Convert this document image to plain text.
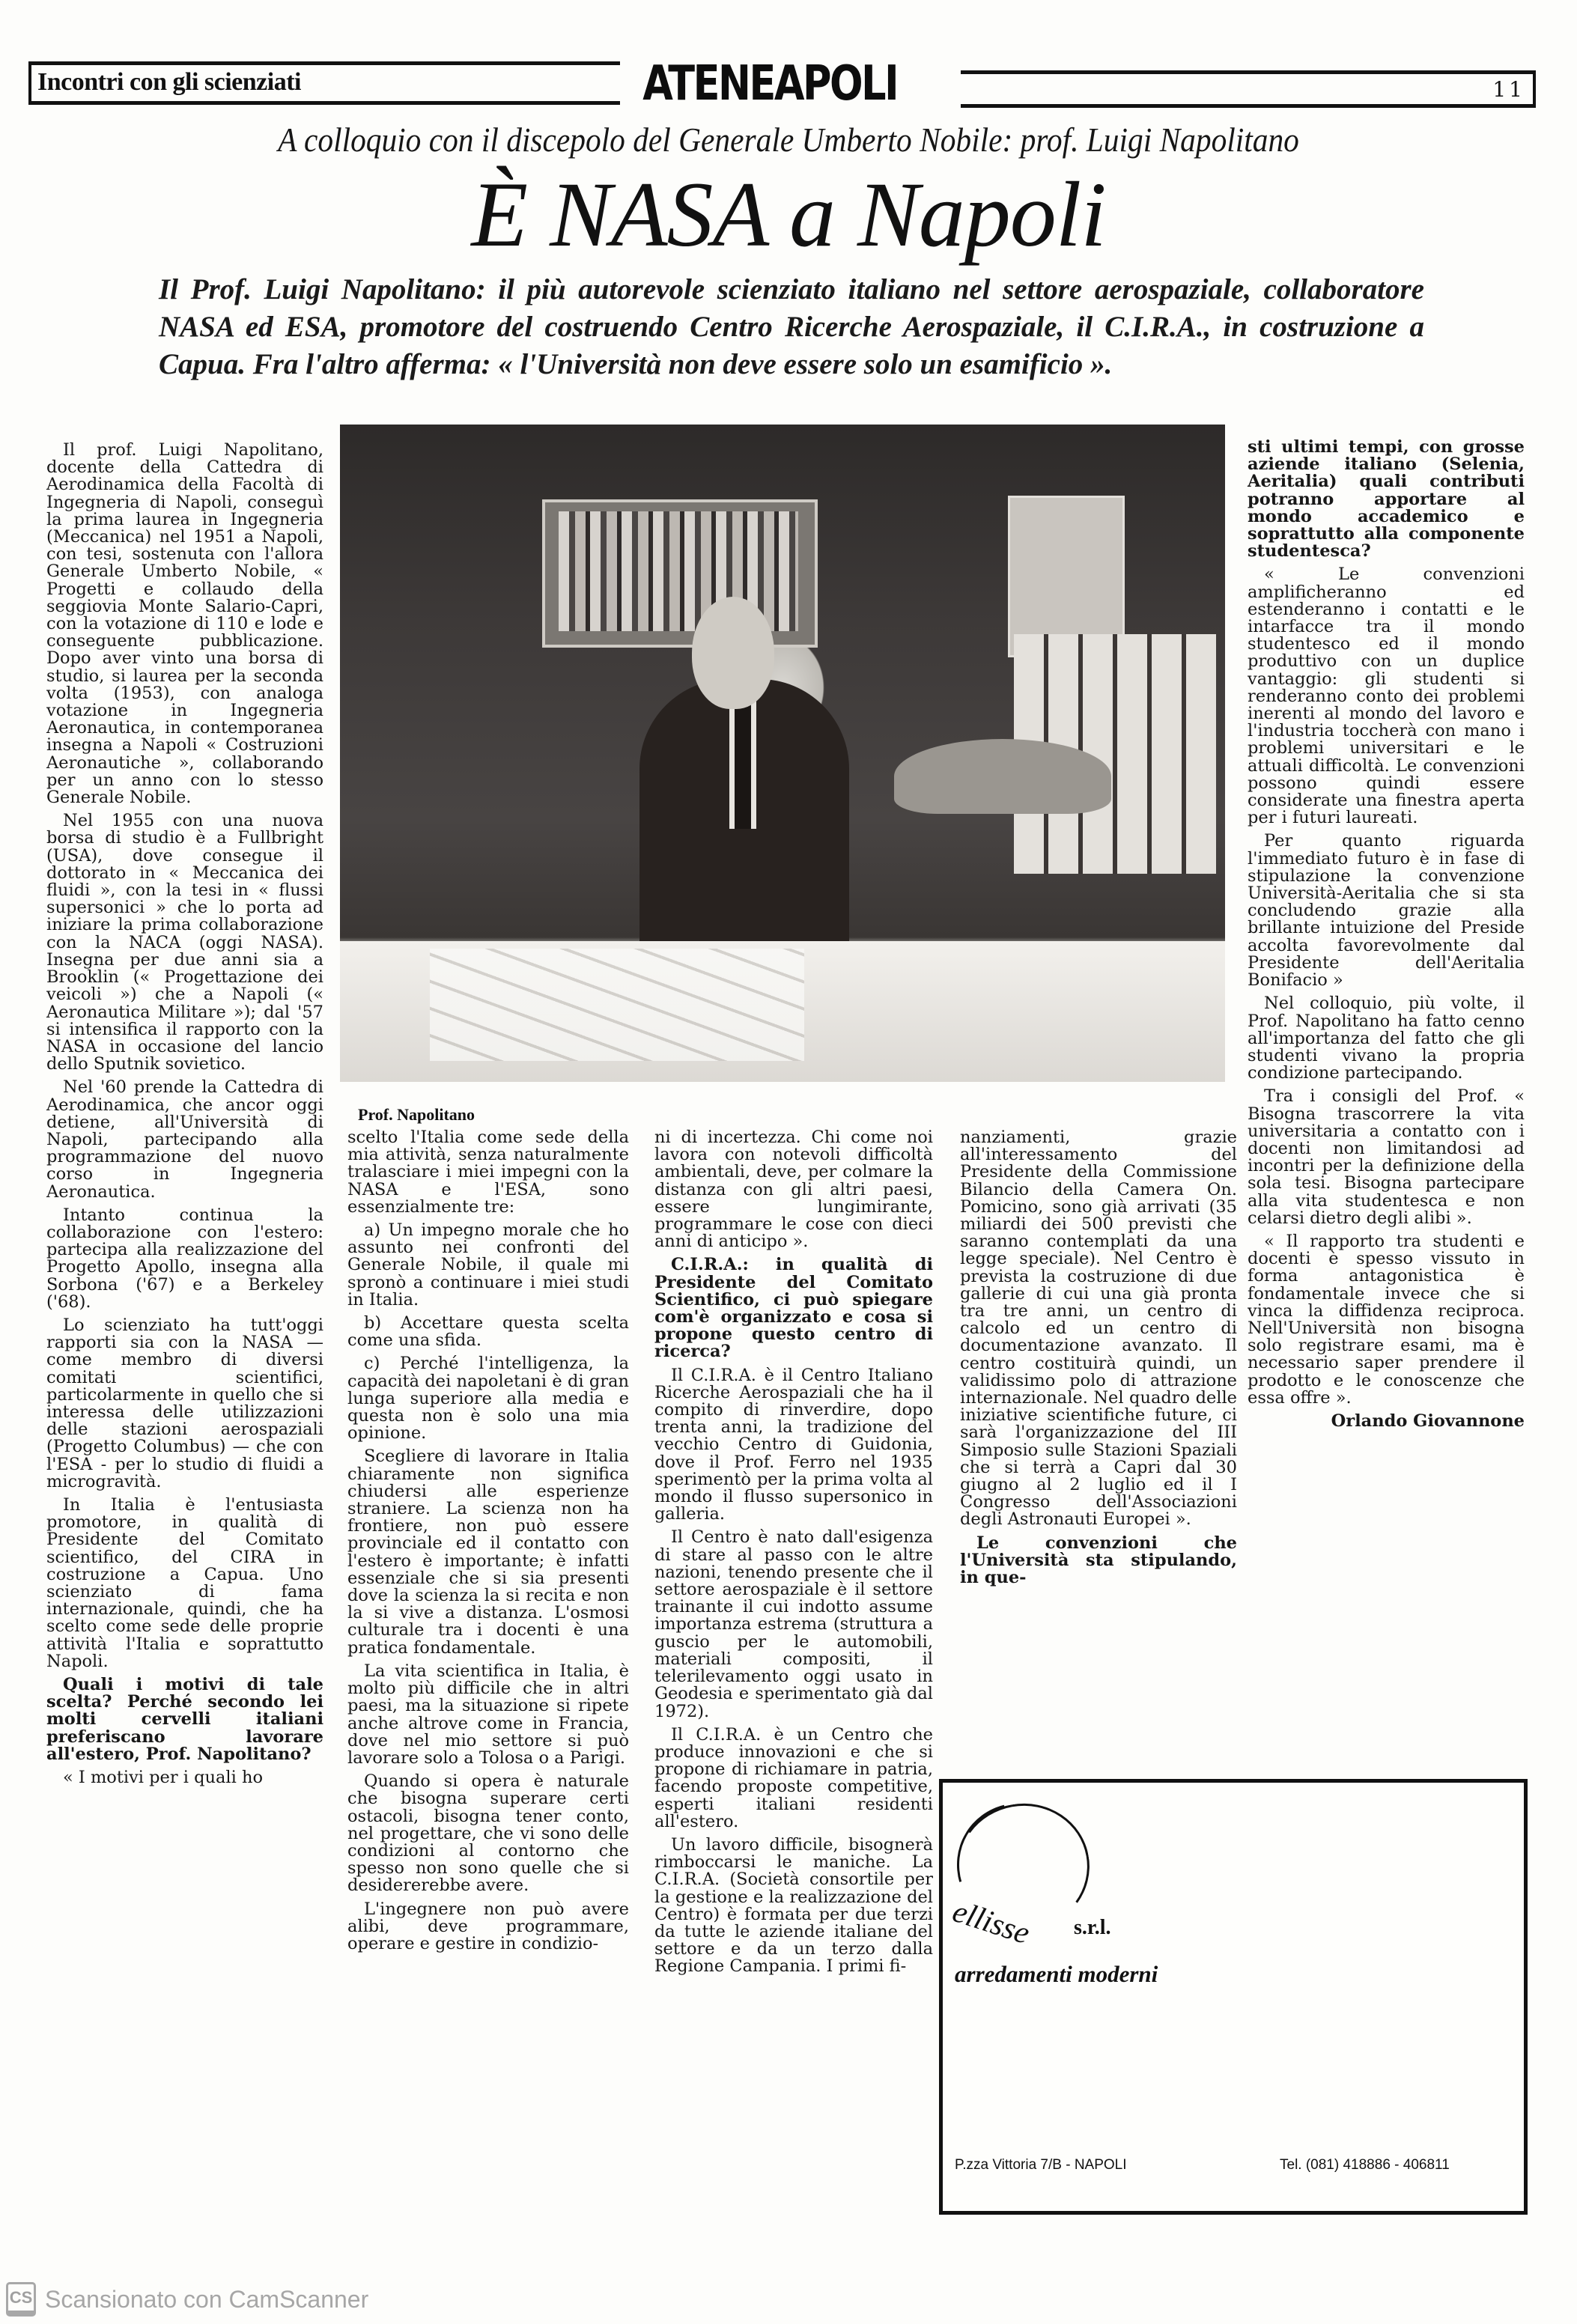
Incontri con gli scienziati	ATENEAPOLI	11
A colloquio con il discepolo del Generale Umberto Nobile: prof. Luigi Napolitano
È NASA a Napoli
Il Prof. Luigi Napolitano: il più autorevole scienziato italiano nel settore aerospaziale, collaboratore NASA ed ESA, promotore del costruendo Centro Ricerche Aerospaziale, il C.I.R.A., in costruzione a Capua. Fra l'altro afferma: « l'Università non deve essere solo un esamificio ».
Prof. Napolitano

Il prof. Luigi Napolitano, docente della Cattedra di Aerodinamica della Facoltà di Ingegneria di Napoli, conseguì la prima laurea in Ingegneria (Meccanica) nel 1951 a Napoli, con tesi, sostenuta con l'allora Generale Umberto Nobile, « Progetti e collaudo della seggiovia Monte Salario-Capri, con la votazione di 110 e lode e conseguente pubblicazione. Dopo aver vinto una borsa di studio, si laurea per la seconda volta (1953), con analoga votazione in Ingegneria Aeronautica, in contemporanea insegna a Napoli « Costruzioni Aeronautiche », collaborando per un anno con lo stesso Generale Nobile.

Nel 1955 con una nuova borsa di studio è a Fullbright (USA), dove consegue il dottorato in « Meccanica dei fluidi », con la tesi in « flussi supersonici » che lo porta ad iniziare la prima collaborazione con la NACA (oggi NASA). Insegna per due anni sia a Brooklin (« Progettazione dei veicoli ») che a Napoli (« Aeronautica Militare »); dal '57 si intensifica il rapporto con la NASA in occasione del lancio dello Sputnik sovietico.

Nel '60 prende la Cattedra di Aerodinamica, che ancor oggi detiene, all'Università di Napoli, partecipando alla programmazione del nuovo corso in Ingegneria Aeronautica.

Intanto continua la collaborazione con l'estero: partecipa alla realizzazione del Progetto Apollo, insegna alla Sorbona ('67) e a Berkeley ('68).

Lo scienziato ha tutt'oggi rapporti sia con la NASA — come membro di diversi comitati scientifici, particolarmente in quello che si interessa delle utilizzazioni delle stazioni aerospaziali (Progetto Columbus) — che con l'ESA - per lo studio di fluidi a microgravità.

In Italia è l'entusiasta promotore, in qualità di Presidente del Comitato scientifico, del CIRA in costruzione a Capua. Uno scienziato di fama internazionale, quindi, che ha scelto come sede delle proprie attività l'Italia e soprattutto Napoli.

Quali i motivi di tale scelta? Perché secondo lei molti cervelli italiani preferiscano lavorare all'estero, Prof. Napolitano?

« I motivi per i quali ho

scelto l'Italia come sede della mia attività, senza naturalmente tralasciare i miei impegni con la NASA e l'ESA, sono essenzialmente tre:

a) Un impegno morale che ho assunto nei confronti del Generale Nobile, il quale mi spronò a continuare i miei studi in Italia.

b) Accettare questa scelta come una sfida.

c) Perché l'intelligenza, la capacità dei napoletani è di gran lunga superiore alla media e questa non è solo una mia opinione.

Scegliere di lavorare in Italia chiaramente non significa chiudersi alle esperienze straniere. La scienza non ha frontiere, non può essere provinciale ed il contatto con l'estero è importante; è infatti essenziale che si sia presenti dove la scienza la si recita e non la si vive a distanza. L'osmosi culturale tra i docenti è una pratica fondamentale.

La vita scientifica in Italia, è molto più difficile che in altri paesi, ma la situazione si ripete anche altrove come in Francia, dove nel mio settore si può lavorare solo a Tolosa o a Parigi.

Quando si opera è naturale che bisogna superare certi ostacoli, bisogna tener conto, nel progettare, che vi sono delle condizioni al contorno che spesso non sono quelle che si desidererebbe avere.

L'ingegnere non può avere alibi, deve programmare, operare e gestire in condizio-

ni di incertezza. Chi come noi lavora con notevoli difficoltà ambientali, deve, per colmare la distanza con gli altri paesi, essere lungimirante, programmare le cose con dieci anni di anticipo ».

C.I.R.A.: in qualità di Presidente del Comitato Scientifico, ci può spiegare com'è organizzato e cosa si propone questo centro di ricerca?

Il C.I.R.A. è il Centro Italiano Ricerche Aerospaziali che ha il compito di rinverdire, dopo trenta anni, la tradizione del vecchio Centro di Guidonia, dove il Prof. Ferro nel 1935 sperimentò per la prima volta al mondo il flusso supersonico in galleria.

Il Centro è nato dall'esigenza di stare al passo con le altre nazioni, tenendo presente che il settore aerospaziale è il settore trainante il cui indotto assume importanza estrema (struttura a guscio per le automobili, materiali compositi, il telerilevamento oggi usato in Geodesia e sperimentato già dal 1972).

Il C.I.R.A. è un Centro che produce innovazioni e che si propone di richiamare in patria, facendo proposte competitive, esperti italiani residenti all'estero.

Un lavoro difficile, bisognerà rimboccarsi le maniche. La C.I.R.A. (Società consortile per la gestione e la realizzazione del Centro) è formata per due terzi da tutte le aziende italiane del settore e da un terzo dalla Regione Campania. I primi fi-

nanziamenti, grazie all'interessamento del Presidente della Commissione Bilancio della Camera On. Pomicino, sono già arrivati (35 miliardi dei 500 previsti che saranno contemplati da una legge speciale). Nel Centro è prevista la costruzione di due gallerie di cui una già pronta tra tre anni, un centro di calcolo ed un centro di documentazione avanzato. Il centro costituirà quindi, un validissimo polo di attrazione internazionale. Nel quadro delle iniziative scientifiche future, ci sarà l'organizzazione del III Simposio sulle Stazioni Spaziali che si terrà a Capri dal 30 giugno al 2 luglio ed il I Congresso dell'Associazioni degli Astronauti Europei ».

Le convenzioni che l'Università sta stipulando, in que-

sti ultimi tempi, con grosse aziende italiano (Selenia, Aeritalia) quali contributi potranno apportare al mondo accademico e soprattutto alla componente studentesca?

« Le convenzioni amplificheranno ed estenderanno i contatti e le intarfacce tra il mondo studentesco ed il mondo produttivo con un duplice vantaggio: gli studenti si renderanno conto dei problemi inerenti al mondo del lavoro e l'industria toccherà con mano i problemi universitari e le attuali difficoltà. Le convenzioni possono quindi essere considerate una finestra aperta per i futuri laureati.

Per quanto riguarda l'immediato futuro è in fase di stipulazione la convenzione Università-Aeritalia che si sta concludendo grazie alla brillante intuizione del Preside accolta favorevolmente dal Presidente dell'Aeritalia Bonifacio »

Nel colloquio, più volte, il Prof. Napolitano ha fatto cenno all'importanza del fatto che gli studenti vivano la propria condizione partecipando.

Tra i consigli del Prof. « Bisogna trascorrere la vita universitaria a contatto con i docenti non limitandosi ad incontri per la definizione della sola tesi. Bisogna partecipare alla vita studentesca e non celarsi dietro degli alibi ».

« Il rapporto tra studenti e docenti è spesso vissuto in forma antagonistica è fondamentale invece che si vinca la diffidenza reciproca. Nell'Università non bisogna solo registrare esami, ma è necessario saper prendere il prodotto e le conoscenze che essa offre ».

Orlando Giovannone
ellisse s.r.l.
arredamenti moderni
P.zza Vittoria 7/B - NAPOLI	Tel. (081) 418886 - 406811
CS Scansionato con CamScanner
